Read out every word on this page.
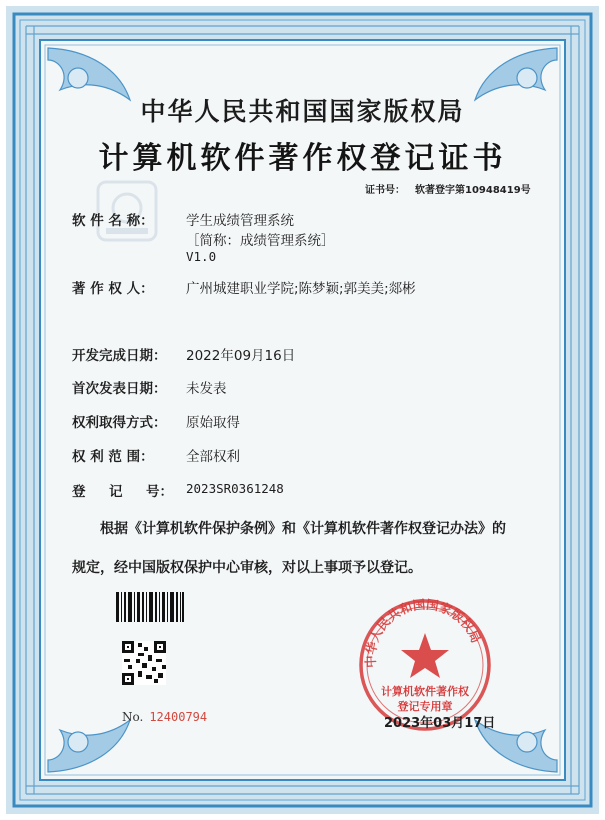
中华人民共和国国家版权局
计算机软件著作权登记证书
证书号： 软著登字第10948419号
软 件 名 称：	学生成绩管理系统
［简称：成绩管理系统］
V1.0
著 作 权 人：	广州城建职业学院;陈梦颖;郭美美;郯彬
开发完成日期：	2022年09月16日
首次发表日期：	未发表
权利取得方式：	原始取得
权 利 范 围：	全部权利
登     记     号：	2023SR0361248
根据《计算机软件保护条例》和《计算机软件著作权登记办法》的
规定，经中国版权保护中心审核，对以上事项予以登记。
No. 12400794
中华人民共和国国家版权局
计算机软件著作权
登记专用章
2023年03月17日
